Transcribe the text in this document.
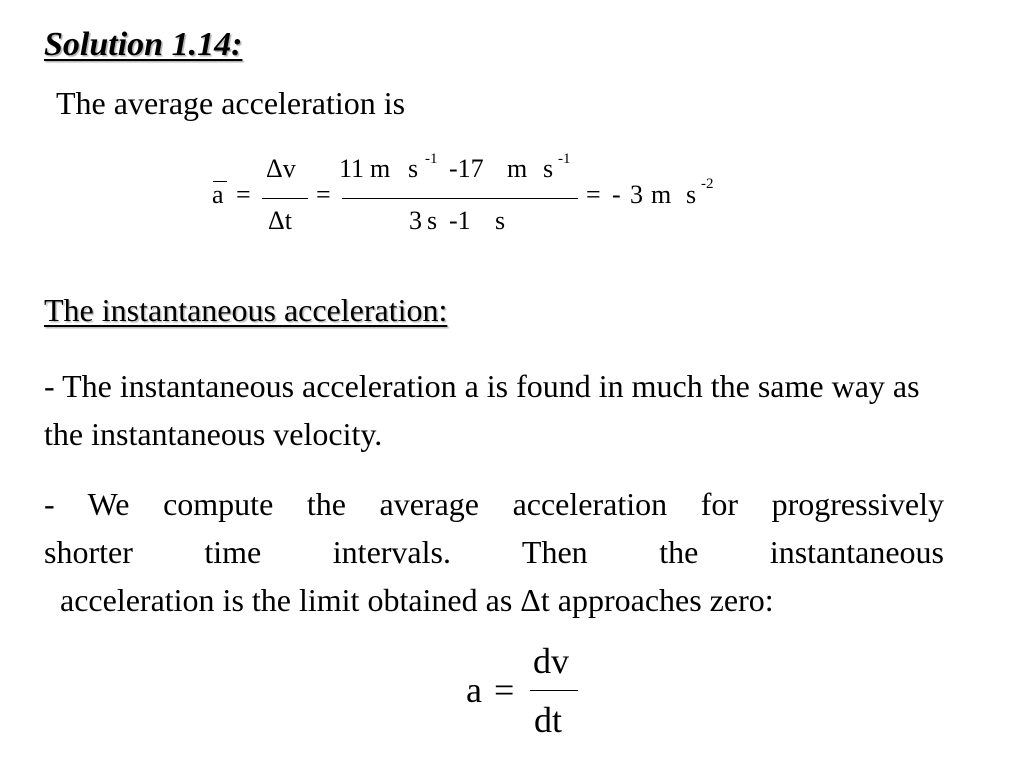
Solution 1.14:
The average acceleration is
a =
Δv
Δt
=
11 m s -1 -17 m s -1
3 s -1 s
= - 3 m s -2
The instantaneous acceleration:
- The instantaneous acceleration a is found in much the same way as the instantaneous velocity.
- We compute the average acceleration for progressively
shorter time intervals. Then the instantaneous
acceleration is the limit obtained as Δt approaches zero:
a =
dv
dt
